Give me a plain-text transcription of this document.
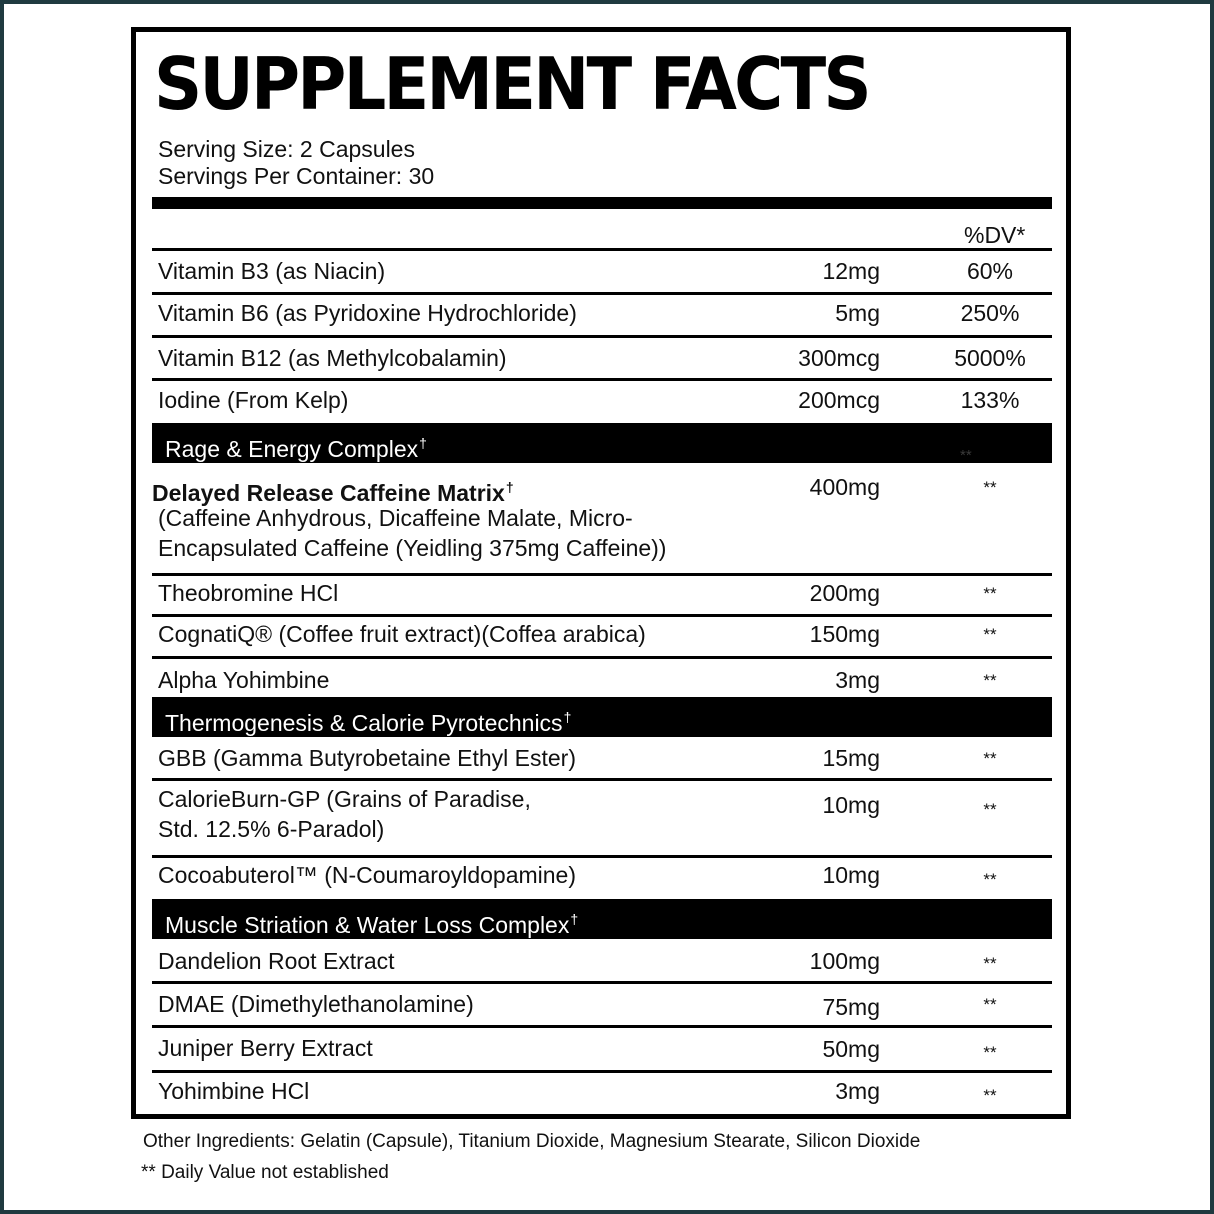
SUPPLEMENT FACTS
Serving Size: 2 Capsules
Servings Per Container: 30
%DV*
Vitamin B3 (as Niacin)	12mg	60%
Vitamin B6 (as Pyridoxine Hydrochloride)	5mg	250%
Vitamin B12 (as Methylcobalamin)	300mcg	5000%
Iodine (From Kelp)	200mcg	133%
Rage & Energy Complex†
**
Delayed Release Caffeine Matrix†	400mg	**
(Caffeine Anhydrous, Dicaffeine Malate, Micro-
Encapsulated Caffeine (Yeidling 375mg Caffeine))
Theobromine HCl	200mg	**
CognatiQ® (Coffee fruit extract)(Coffea arabica)	150mg	**
Alpha Yohimbine	3mg	**
Thermogenesis & Calorie Pyrotechnics†
GBB (Gamma Butyrobetaine Ethyl Ester)	15mg	**
CalorieBurn-GP (Grains of Paradise,
Std. 12.5% 6-Paradol)
10mg	**
Cocoabuterol™ (N-Coumaroyldopamine)	10mg	**
Muscle Striation & Water Loss Complex†
Dandelion Root Extract	100mg	**
DMAE (Dimethylethanolamine)	75mg	**
Juniper Berry Extract	50mg	**
Yohimbine HCl	3mg	**
Other Ingredients: Gelatin (Capsule), Titanium Dioxide, Magnesium Stearate, Silicon Dioxide
** Daily Value not established
